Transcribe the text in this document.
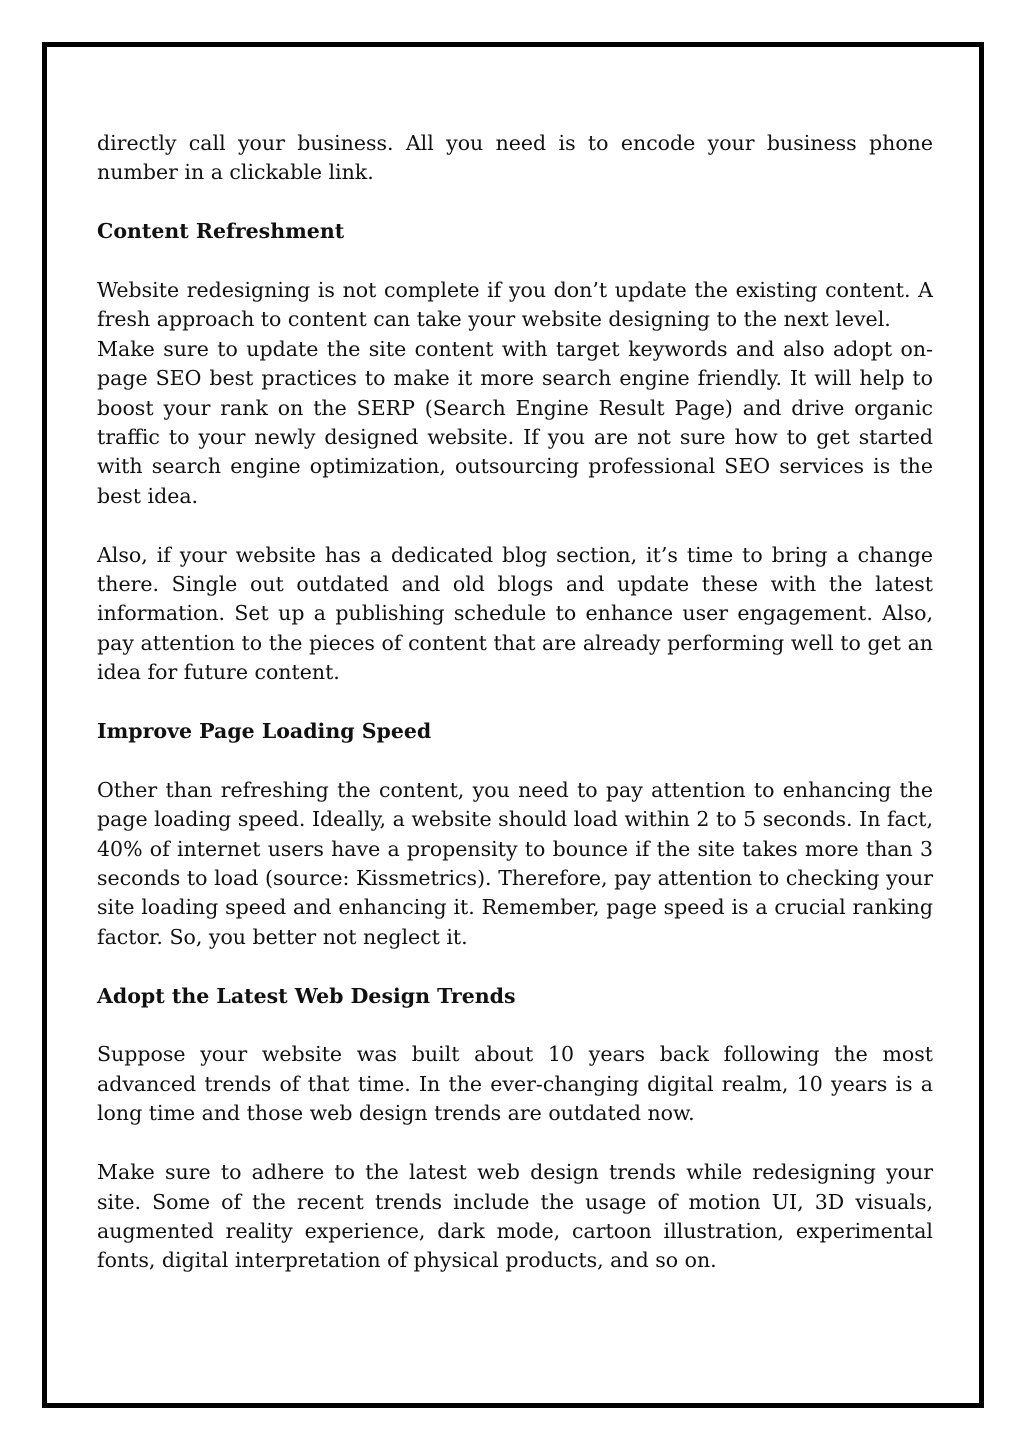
directly call your business. All you need is to encode your business phone number in a clickable link.

Content Refreshment

Website redesigning is not complete if you don’t update the existing content. A fresh approach to content can take your website designing to the next level.

Make sure to update the site content with target keywords and also adopt on-page SEO best practices to make it more search engine friendly. It will help to boost your rank on the SERP (Search Engine Result Page) and drive organic traffic to your newly designed website. If you are not sure how to get started with search engine optimization, outsourcing professional SEO services is the best idea.

Also, if your website has a dedicated blog section, it’s time to bring a change there. Single out outdated and old blogs and update these with the latest information. Set up a publishing schedule to enhance user engagement. Also, pay attention to the pieces of content that are already performing well to get an idea for future content.

Improve Page Loading Speed

Other than refreshing the content, you need to pay attention to enhancing the page loading speed. Ideally, a website should load within 2 to 5 seconds. In fact, 40% of internet users have a propensity to bounce if the site takes more than 3 seconds to load (source: Kissmetrics). Therefore, pay attention to checking your site loading speed and enhancing it. Remember, page speed is a crucial ranking factor. So, you better not neglect it.

Adopt the Latest Web Design Trends

Suppose your website was built about 10 years back following the most advanced trends of that time. In the ever-changing digital realm, 10 years is a long time and those web design trends are outdated now.

Make sure to adhere to the latest web design trends while redesigning your site. Some of the recent trends include the usage of motion UI, 3D visuals, augmented reality experience, dark mode, cartoon illustration, experimental fonts, digital interpretation of physical products, and so on.
